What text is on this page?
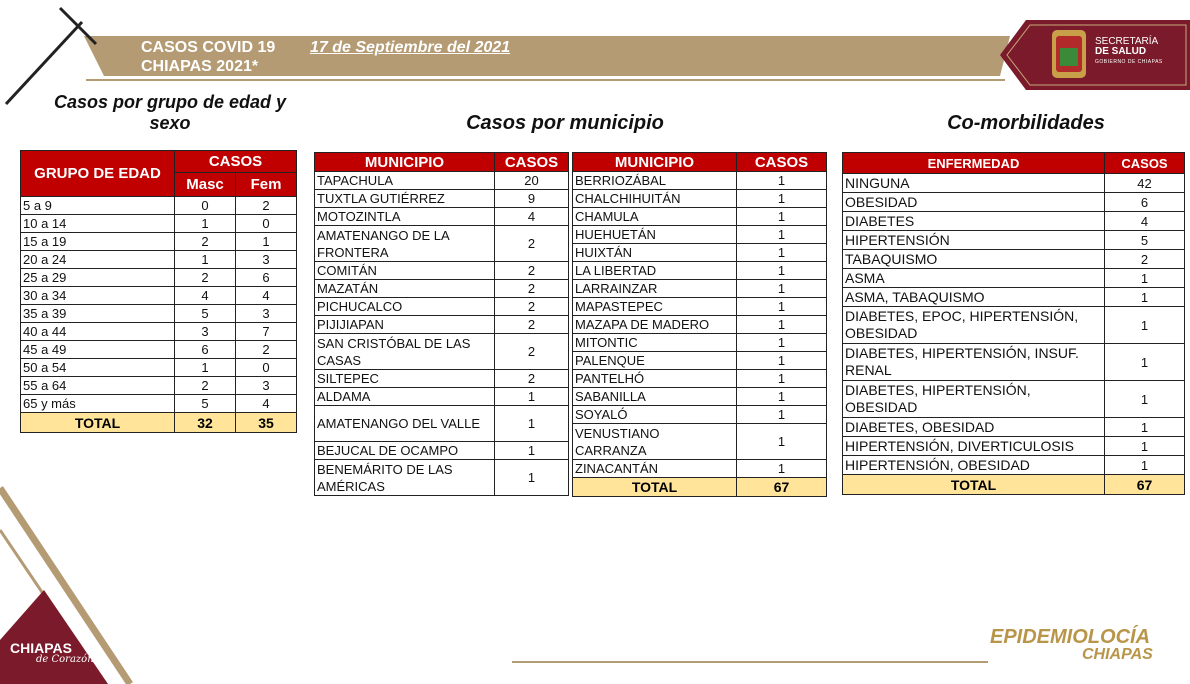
CASOS COVID 19
CHIAPAS 2021*
17 de Septiembre del 2021	SECRETARÍA
DE SALUD
GOBIERNO DE CHIAPAS
Casos por grupo de edad y sexo	Casos por municipio	Co-morbilidades
GRUPO DE EDAD	CASOS	
	Masc	Fem
5 a 9	0	2
10 a 14	1	0
15 a 19	2	1
20 a 24	1	3
25 a 29	2	6
30 a 34	4	4
35 a 39	5	3
40 a 44	3	7
45 a 49	6	2
50 a 54	1	0
55 a 64	2	3
65 y más	5	4
TOTAL	32	35
MUNICIPIO	CASOS
TAPACHULA	20
TUXTLA GUTIÉRREZ	9
MOTOZINTLA	4
AMATENANGO DE LA FRONTERA	2
COMITÁN	2
MAZATÁN	2
PICHUCALCO	2
PIJIJIAPAN	2
SAN CRISTÓBAL DE LAS CASAS	2
SILTEPEC	2
ALDAMA	1
AMATENANGO DEL VALLE	1
BEJUCAL DE OCAMPO	1
BENEMÁRITO DE LAS AMÉRICAS	1
MUNICIPIO	CASOS
BERRIOZÁBAL	1
CHALCHIHUITÁN	1
CHAMULA	1
HUEHUETÁN	1
HUIXTÁN	1
LA LIBERTAD	1
LARRAINZAR	1
MAPASTEPEC	1
MAZAPA DE MADERO	1
MITONTIC	1
PALENQUE	1
PANTELHÓ	1
SABANILLA	1
SOYALÓ	1
VENUSTIANO CARRANZA	1
ZINACANTÁN	1
TOTAL	67
ENFERMEDAD	CASOS
NINGUNA	42
OBESIDAD	6
DIABETES	4
HIPERTENSIÓN	5
TABAQUISMO	2
ASMA	1
ASMA, TABAQUISMO	1
DIABETES, EPOC, HIPERTENSIÓN, OBESIDAD	1
DIABETES, HIPERTENSIÓN, INSUF. RENAL	1
DIABETES, HIPERTENSIÓN, OBESIDAD	1
DIABETES, OBESIDAD	1
HIPERTENSIÓN, DIVERTICULOSIS	1
HIPERTENSIÓN, OBESIDAD	1
TOTAL	67
CHIAPAS
de Corazón
EPIDEMIOLOCÍA
CHIAPAS
